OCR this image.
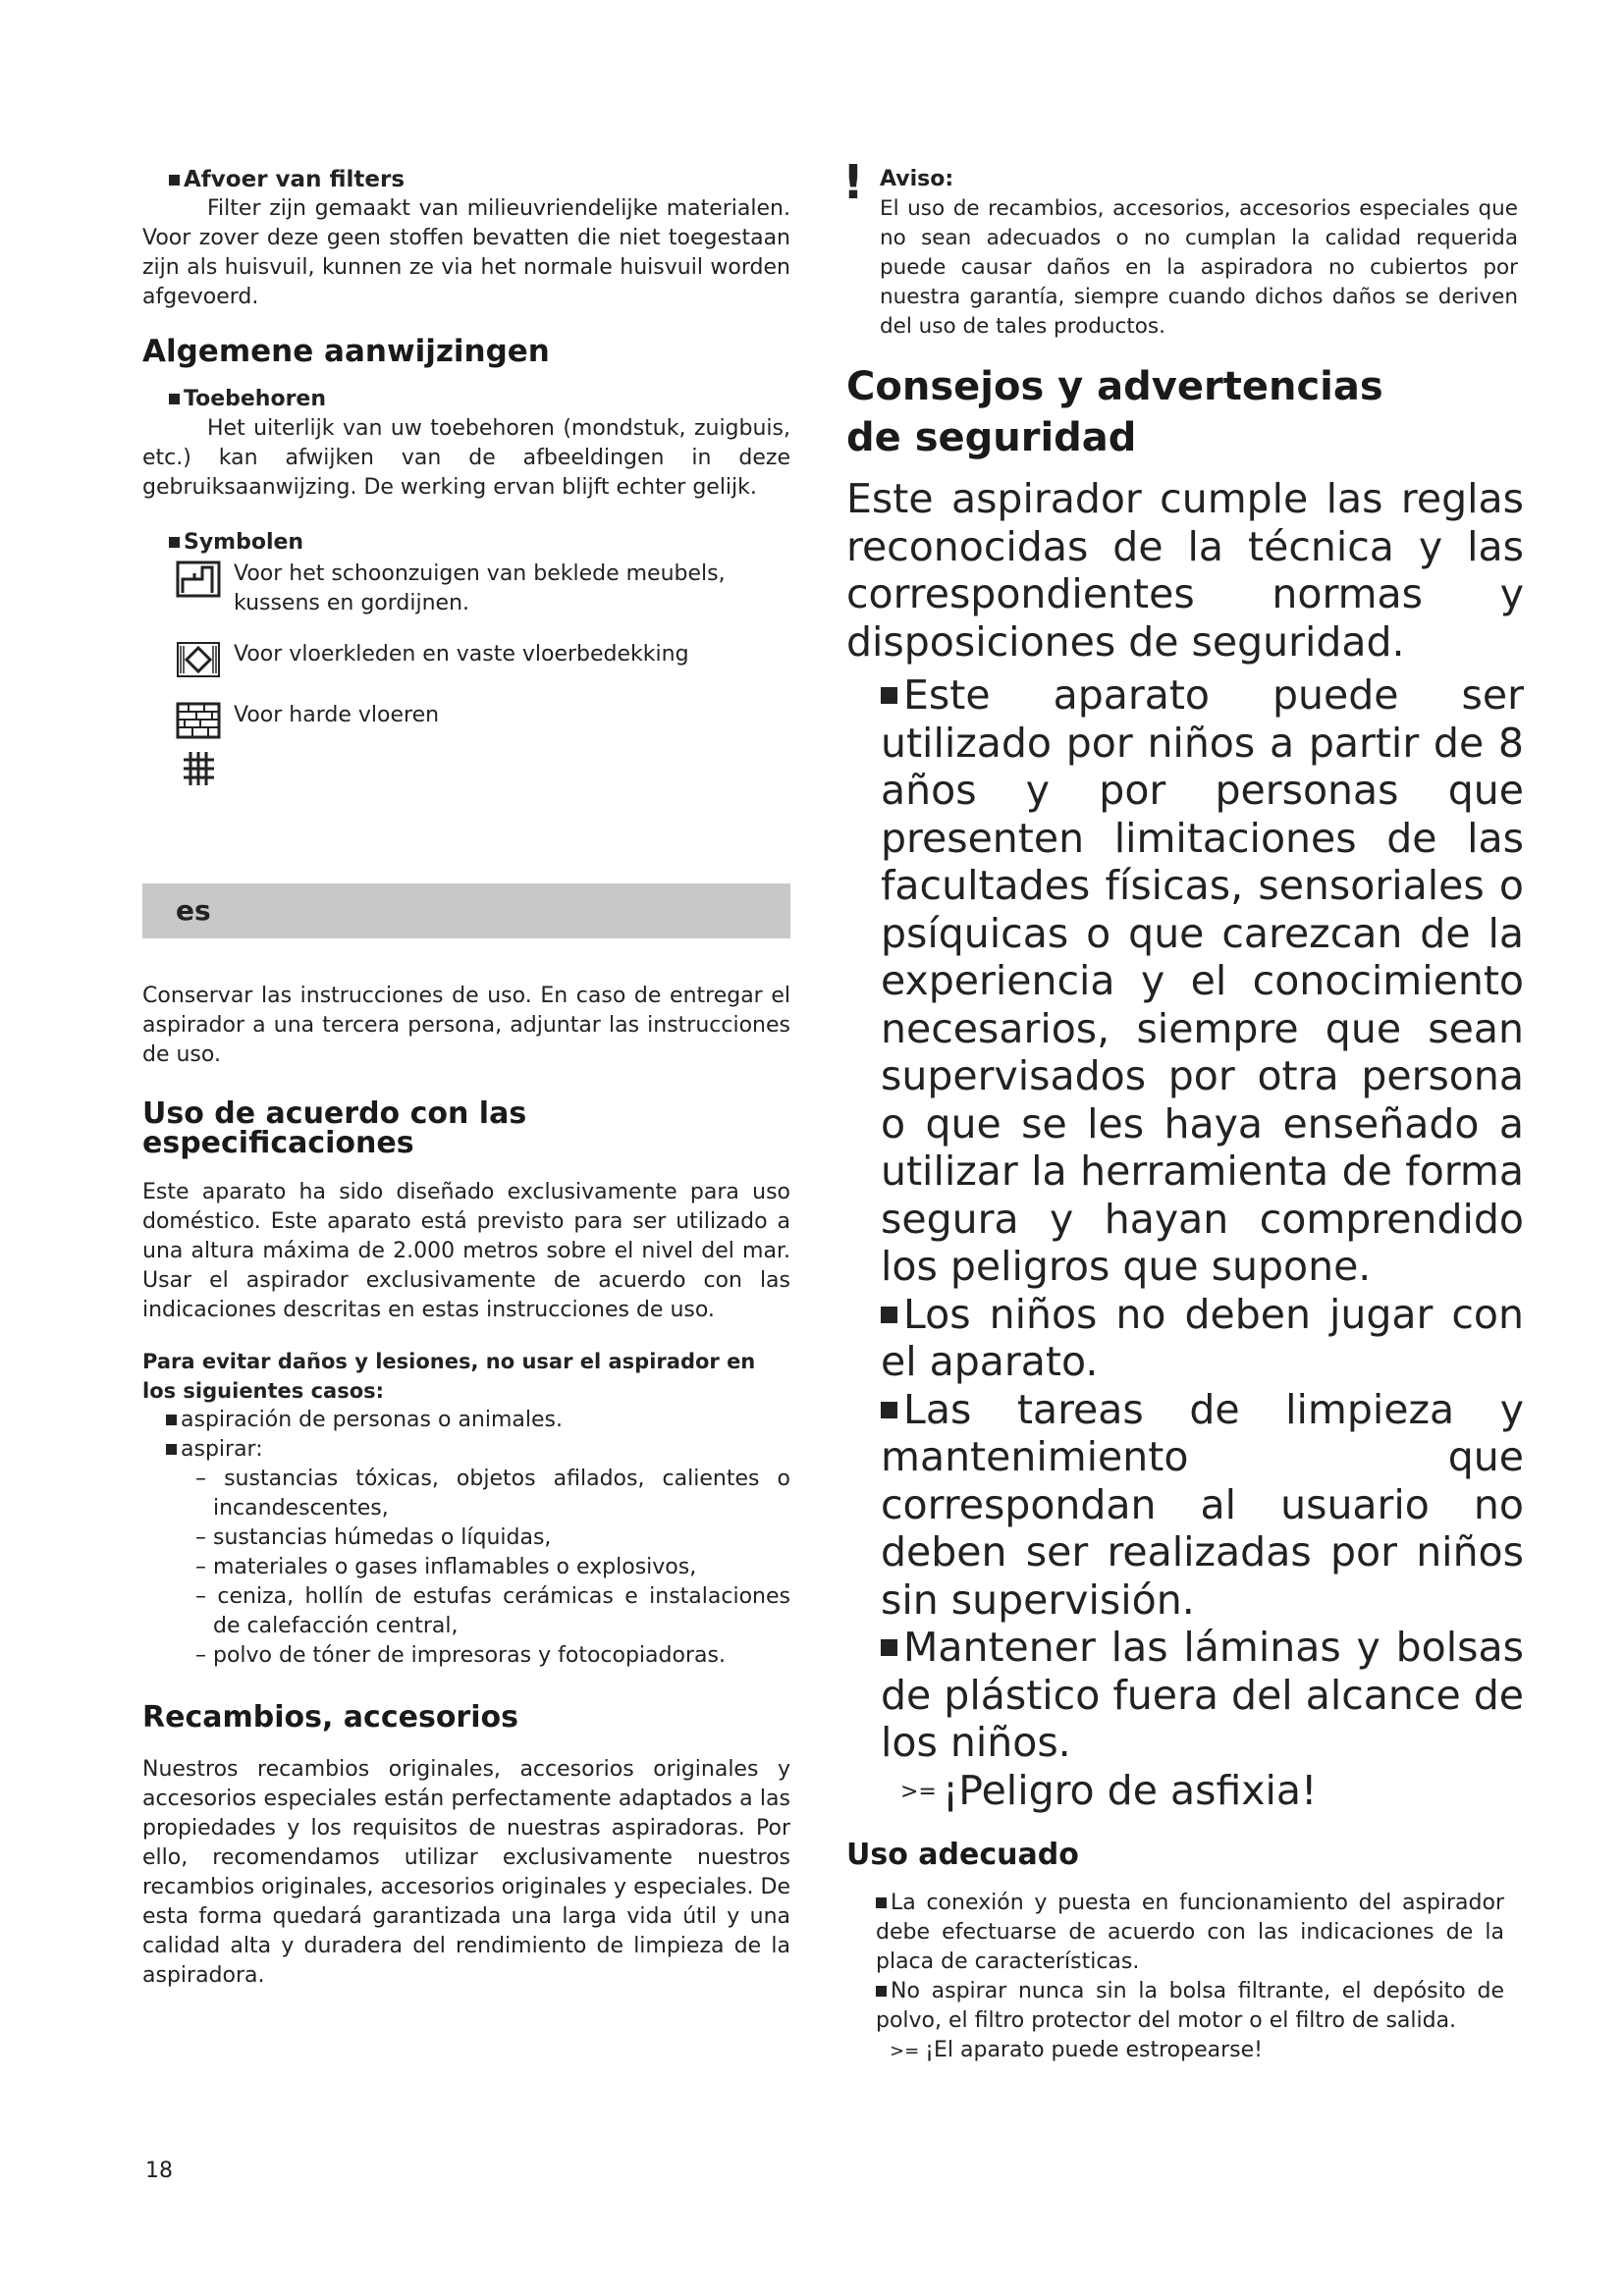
Afvoer van filters

Filter zijn gemaakt van milieuvriendelijke materialen. Voor zover deze geen stoffen bevatten die niet toegestaan zijn als huisvuil, kunnen ze via het normale huisvuil worden afgevoerd.

Algemene aanwijzingen

Toebehoren

Het uiterlijk van uw toebehoren (mondstuk, zuigbuis, etc.) kan afwijken van de afbeeldingen in deze gebruiksaanwijzing. De werking ervan blijft echter gelijk.

Symbolen

Voor het schoonzuigen van beklede meubels, kussens en gordijnen.
Voor vloerkleden en vaste vloerbedekking
Voor harde vloeren
es

Conservar las instrucciones de uso. En caso de entregar el aspirador a una tercera persona, adjuntar las instrucciones de uso.

Uso de acuerdo con las especificaciones

Este aparato ha sido diseñado exclusivamente para uso doméstico. Este aparato está previsto para ser utilizado a una altura máxima de 2.000 metros sobre el nivel del mar. Usar el aspirador exclusivamente de acuerdo con las indicaciones descritas en estas instrucciones de uso.

Para evitar daños y lesiones, no usar el aspirador en los siguientes casos:

aspiración de personas o animales.

aspirar:

– sustancias tóxicas, objetos afilados, calientes o incandescentes,

– sustancias húmedas o líquidas,

– materiales o gases inflamables o explosivos,

– ceniza, hollín de estufas cerámicas e instalaciones de calefacción central,

– polvo de tóner de impresoras y fotocopiadoras.

Recambios, accesorios

Nuestros recambios originales, accesorios originales y accesorios especiales están perfectamente adaptados a las propiedades y los requisitos de nuestras aspiradoras. Por ello, recomendamos utilizar exclusivamente nuestros recambios originales, accesorios originales y especiales. De esta forma quedará garantizada una larga vida útil y una calidad alta y duradera del rendimiento de limpieza de la aspiradora.

! Aviso:

El uso de recambios, accesorios, accesorios especiales que no sean adecuados o no cumplan la calidad requerida puede causar daños en la aspiradora no cubiertos por nuestra garantía, siempre cuando dichos daños se deriven del uso de tales productos.

Consejos y advertencias de seguridad

Este aspirador cumple las reglas reconocidas de la técnica y las correspondientes normas y disposiciones de seguridad.

Este aparato puede ser utilizado por niños a partir de 8 años y por personas que presenten limitaciones de las facultades físicas, sensoriales o psíquicas o que carezcan de la experiencia y el conocimiento necesarios, siempre que sean supervisados por otra persona o que se les haya enseñado a utilizar la herramienta de forma segura y hayan comprendido los peligros que supone.

Los niños no deben jugar con el aparato.

Las tareas de limpieza y mantenimiento que correspondan al usuario no deben ser realizadas por niños sin supervisión.

Mantener las láminas y bolsas de plástico fuera del alcance de los niños.

>= ¡Peligro de asfixia!

Uso adecuado

La conexión y puesta en funcionamiento del aspirador debe efectuarse de acuerdo con las indicaciones de la placa de características.

No aspirar nunca sin la bolsa filtrante, el depósito de polvo, el filtro protector del motor o el filtro de salida.

>= ¡El aparato puede estropearse!

18
